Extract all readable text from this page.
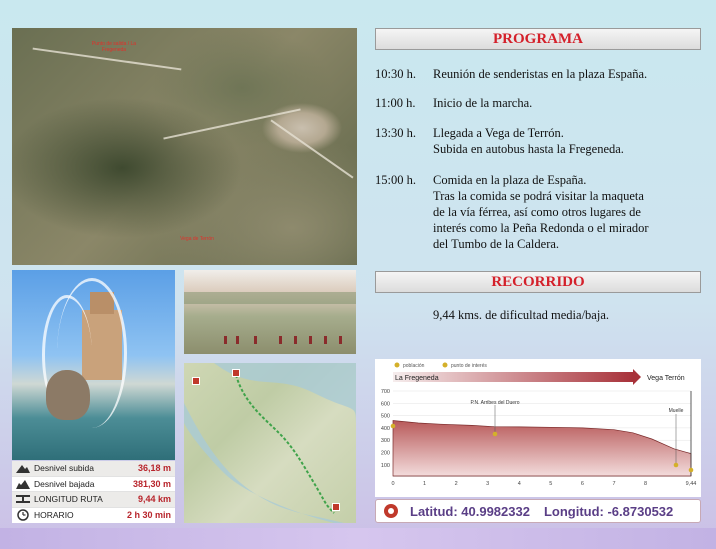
Punto de salida / La Fregeneda
Vega de Terrón
Desnivel subida	36,18 m
Desnivel bajada	381,30 m
LONGITUD RUTA	9,44 km
HORARIO	2 h 30 min
PROGRAMA
10:30 h.	Reunión de senderistas en la plaza España.
11:00 h.	Inicio de la marcha.
13:30 h.	Llegada a Vega de Terrón.
Subida en autobus hasta la Fregeneda.
15:00 h.	Comida en la plaza de España.
Tras la comida se podrá visitar la maqueta
de la vía férrea, así como otros lugares de
interés como la Peña Redonda o el mirador
del Tumbo de la Caldera.
RECORRIDO
9,44 kms. de dificultad media/baja.
población	punto de interés
La Fregeneda	Vega Terrón
700
600
500
400
300
200
100
0	1	2	3	4	5	6	7	8	9,44
P.N. Arribes del Duero
Muelle
Latitud: 40.9982332 Longitud: -6.8730532
